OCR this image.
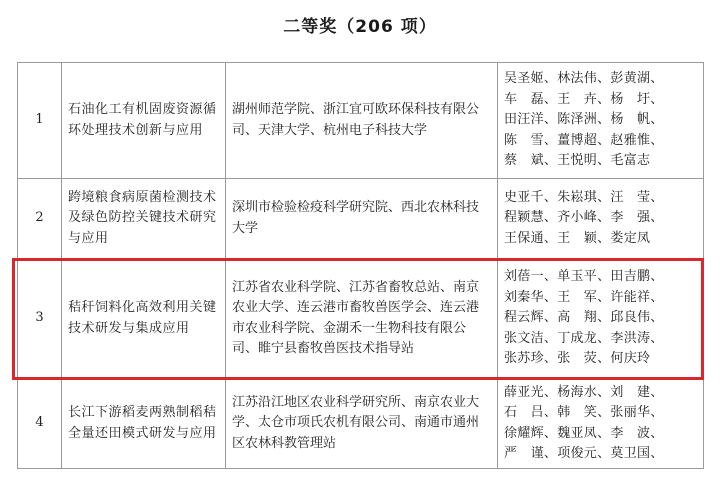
二等奖（206 项）
1	石油化工有机固废资源循环处理技术创新与应用	湖州师范学院、浙江宜可欧环保科技有限公司、天津大学、杭州电子科技大学	吴圣姬、林法伟、彭黄湖、
车　磊、王　卉、杨　圩、
田汪洋、陈泽洲、杨　帆、
陈　雪、薑博超、赵雅惟、
蔡　斌、王悦明、毛富志

2	跨境粮食病原菌检测技术及绿色防控关键技术研究与应用	深圳市检验检疫科学研究院、西北农林科技大学	史亚千、朱崧琪、汪　莹、
程颖慧、齐小峰、李　强、
王保通、王　颖、娄定凤

3	秸秆饲料化高效利用关键技术研发与集成应用	江苏省农业科学院、江苏省畜牧总站、南京农业大学、连云港市畜牧兽医学会、连云港市农业科学院、金湖禾一生物科技有限公司、睢宁县畜牧兽医技术指导站	刘蓓一、单玉平、田吉鹏、
刘秦华、王　军、许能祥、
程云辉、高　翔、邱良伟、
张文洁、丁成龙、李洪涛、
张苏珍、张　荧、何庆玲

4	长江下游稻麦两熟制稻秸全量还田模式研发与应用	江苏沿江地区农业科学研究所、南京农业大学、太仓市项氏农机有限公司、南通市通州区农林科教管理站	薛亚光、杨海水、刘　建、
石　吕、韩　笑、张丽华、
徐耀辉、魏亚凤、李　波、
严　谨、项俊元、莫卫国、
